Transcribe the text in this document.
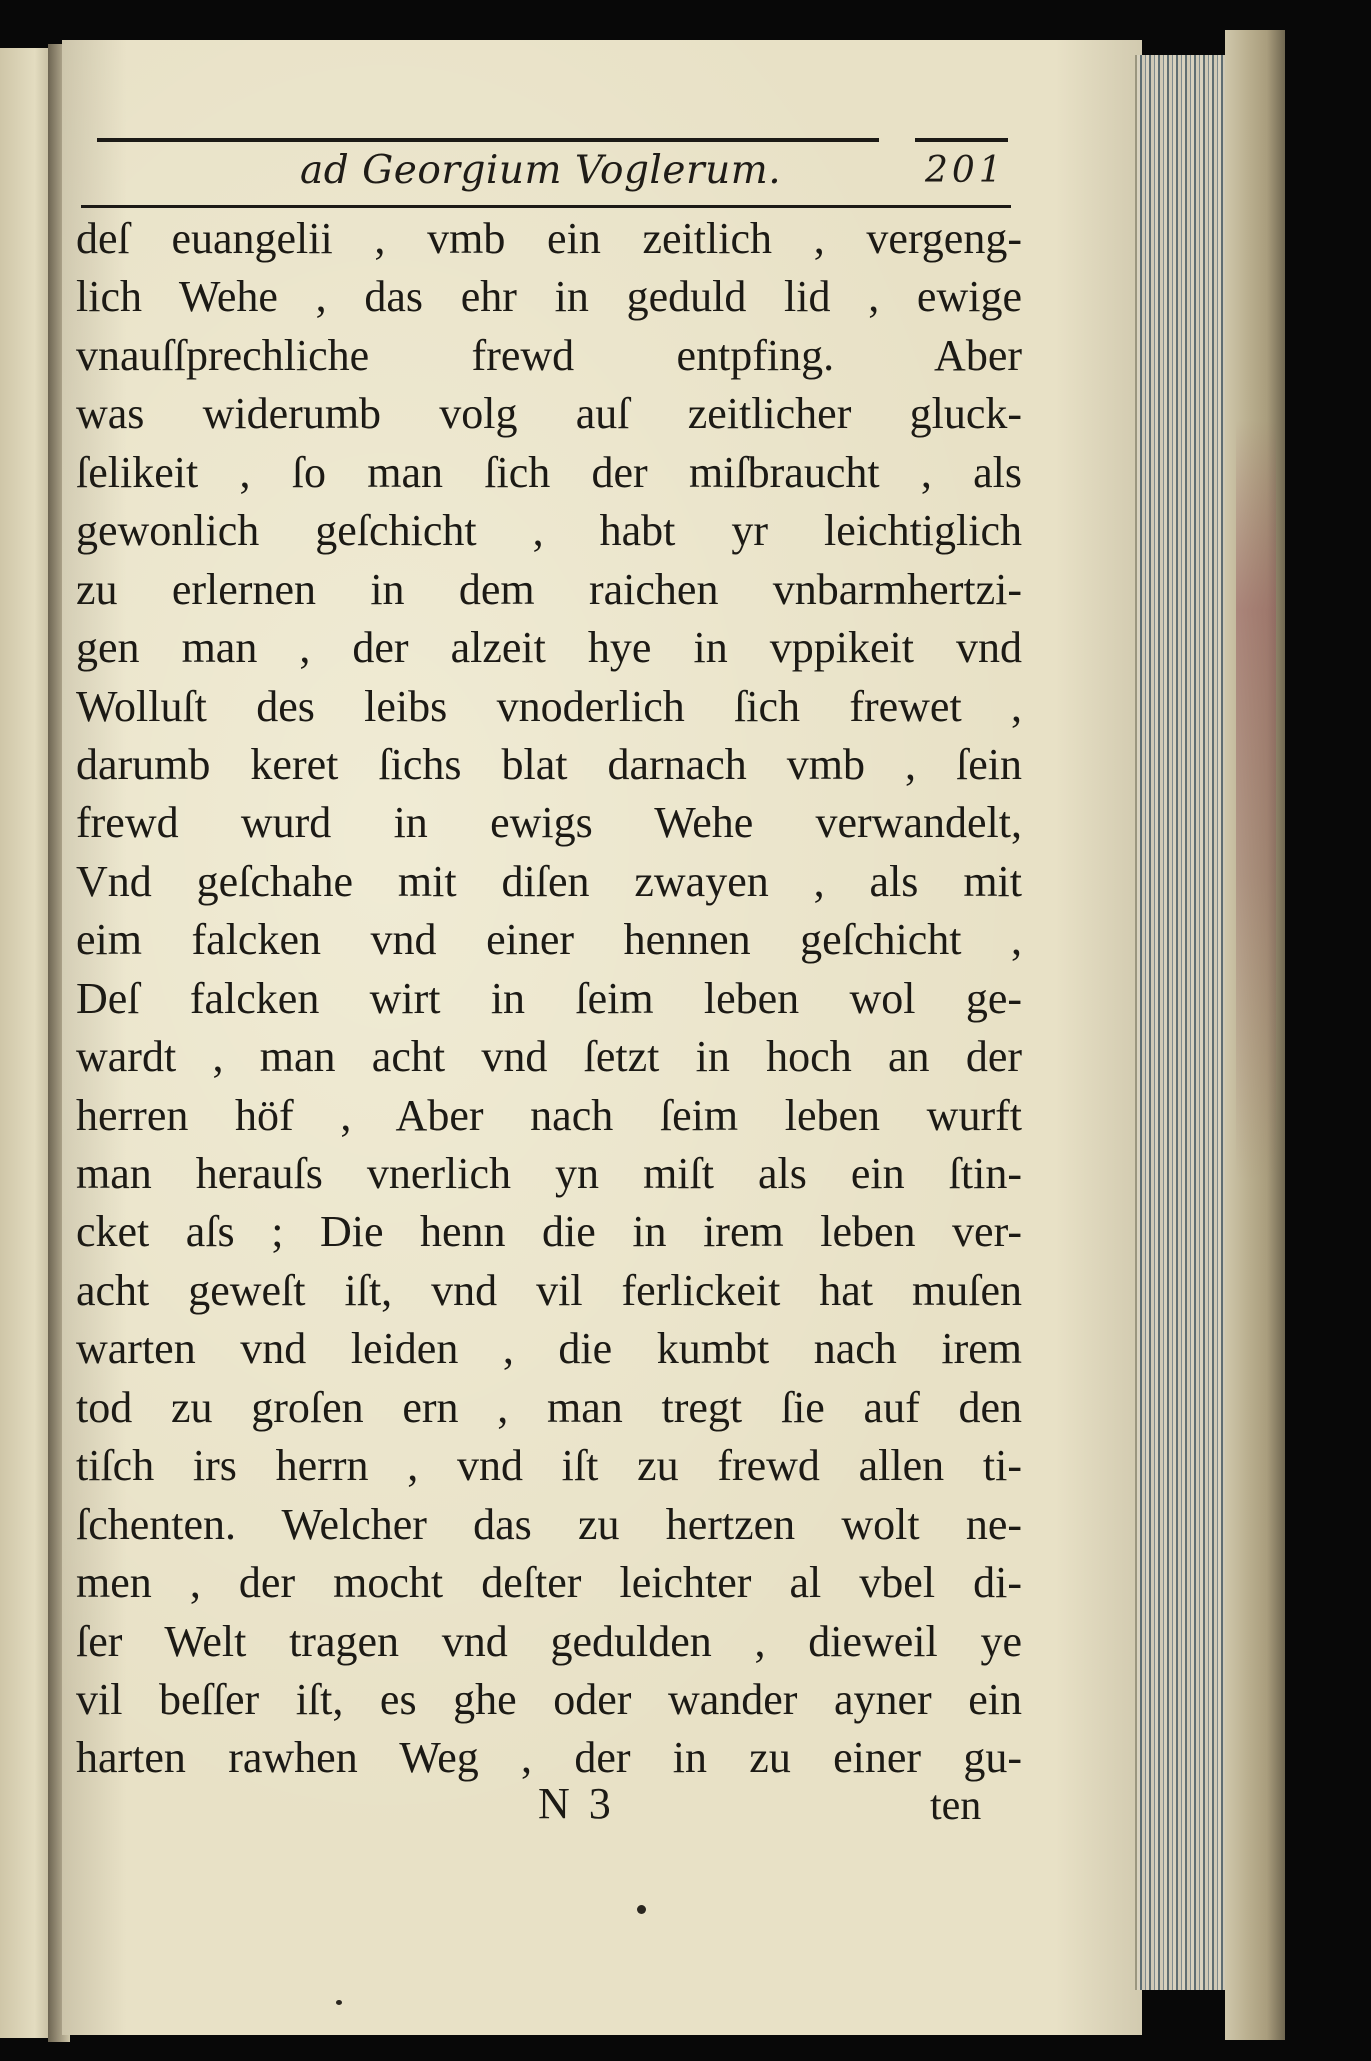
ad Georgium Voglerum.	201
deſ euangelii , vmb ein zeitlich , vergeng-
lich Wehe , das ehr in geduld lid , ewige
vnauſſprechliche frewd entpfing. Aber
was widerumb volg auſ zeitlicher gluck-
ſelikeit , ſo man ſich der miſbraucht , als
gewonlich geſchicht , habt yr leichtiglich
zu erlernen in dem raichen vnbarmhertzi-
gen man , der alzeit hye in vppikeit vnd
Wolluſt des leibs vnoderlich ſich frewet ,
darumb keret ſichs blat darnach vmb , ſein
frewd wurd in ewigs Wehe verwandelt,
Vnd geſchahe mit diſen zwayen , als mit
eim falcken vnd einer hennen geſchicht ,
Deſ falcken wirt in ſeim leben wol ge-
wardt , man acht vnd ſetzt in hoch an der
herren höf , Aber nach ſeim leben wurft
man herauſs vnerlich yn miſt als ein ſtin-
cket aſs ; Die henn die in irem leben ver-
acht geweſt iſt, vnd vil ferlickeit hat muſen
warten vnd leiden , die kumbt nach irem
tod zu groſen ern , man tregt ſie auf den
tiſch irs herrn , vnd iſt zu frewd allen ti-
ſchenten. Welcher das zu hertzen wolt ne-
men , der mocht deſter leichter al vbel di-
ſer Welt tragen vnd gedulden , dieweil ye
vil beſſer iſt, es ghe oder wander ayner ein
harten rawhen Weg , der in zu einer gu-
N 3	ten
